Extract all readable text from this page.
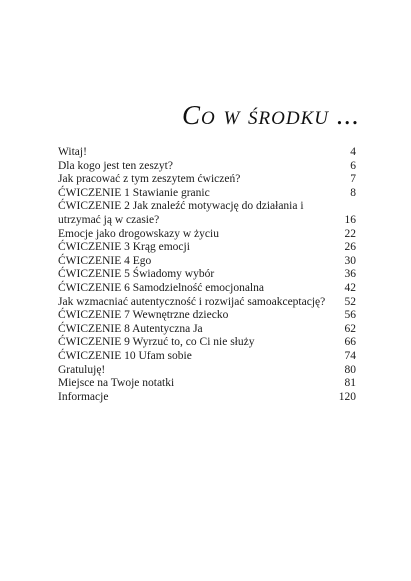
Co w środku ...
Witaj!	4
Dla kogo jest ten zeszyt?	6
Jak pracować z tym zeszytem ćwiczeń?	7
ĆWICZENIE 1 Stawianie granic	8
ĆWICZENIE 2 Jak znaleźć motywację do działania i utrzymać ją w czasie?	16
Emocje jako drogowskazy w życiu	22
ĆWICZENIE 3 Krąg emocji	26
ĆWICZENIE 4 Ego	30
ĆWICZENIE 5 Świadomy wybór	36
ĆWICZENIE 6 Samodzielność emocjonalna	42
Jak wzmacniać autentyczność i rozwijać samoakceptację?	52
ĆWICZENIE 7 Wewnętrzne dziecko	56
ĆWICZENIE 8 Autentyczna Ja	62
ĆWICZENIE 9 Wyrzuć to, co Ci nie służy	66
ĆWICZENIE 10 Ufam sobie	74
Gratuluję!	80
Miejsce na Twoje notatki	81
Informacje	120
